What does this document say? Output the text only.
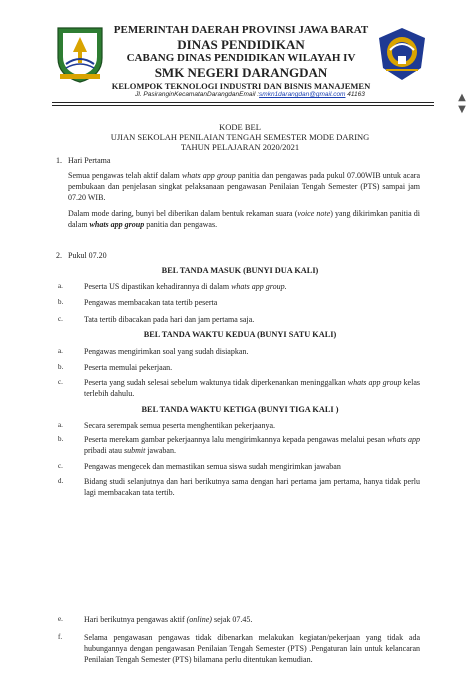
PEMERINTAH DAERAH PROVINSI JAWA BARAT
DINAS PENDIDIKAN
CABANG DINAS PENDIDIKAN WILAYAH IV
SMK NEGERI DARANGDAN
KELOMPOK TEKNOLOGI INDUSTRI DAN BISNIS MANAJEMEN
Jl. PasiranginKecamatanDarangdanEmail :smkn1darangdan@gmail.com 41163	▲
▼
KODE BEL
UJIAN SEKOLAH PENILAIAN TENGAH SEMESTER MODE DARING
TAHUN PELAJARAN 2020/2021
1. Hari Pertama
Semua pengawas telah aktif dalam whats app group panitia dan pengawas pada pukul 07.00WIB untuk acara pembukaan dan penjelasan singkat pelaksanaan pengawasan Penilaian Tengah Semester (PTS) sampai jam 07.20 WIB.
Dalam mode daring, bunyi bel diberikan dalam bentuk rekaman suara (voice note) yang dikirimkan panitia di dalam whats app group panitia dan pengawas.
2. Pukul 07.20
BEL TANDA MASUK (BUNYI DUA KALI)
a.	Peserta US dipastikan kehadirannya di dalam whats app group.
b.	Pengawas membacakan tata tertib peserta
c.	Tata tertib dibacakan pada hari dan jam pertama saja.
BEL TANDA WAKTU KEDUA (BUNYI SATU KALI)
a.	Pengawas mengirimkan soal yang sudah disiapkan.
b.	Peserta memulai pekerjaan.
c.	Peserta yang sudah selesai sebelum waktunya tidak diperkenankan meninggalkan whats app group kelas terlebih dahulu.
BEL TANDA WAKTU KETIGA (BUNYI TIGA KALI )
a.	Secara serempak semua peserta menghentikan pekerjaanya.
b.	Peserta merekam gambar pekerjaannya lalu mengirimkannya kepada pengawas melalui pesan whats app pribadi atau submit jawaban.
c.	Pengawas mengecek dan memastikan semua siswa sudah mengirimkan jawaban
d.	Bidang studi selanjutnya dan hari berikutnya sama dengan hari pertama jam pertama, hanya tidak perlu lagi membacakan tata tertib.
e.	Hari berikutnya pengawas aktif (online) sejak 07.45.
f.	Selama pengawasan pengawas tidak dibenarkan melakukan kegiatan/pekerjaan yang tidak ada hubungannya dengan pengawasan Penilaian Tengah Semester (PTS) .Pengaturan lain untuk kelancaran Penilaian Tengah Semester (PTS) bilamana perlu ditentukan kemudian.
